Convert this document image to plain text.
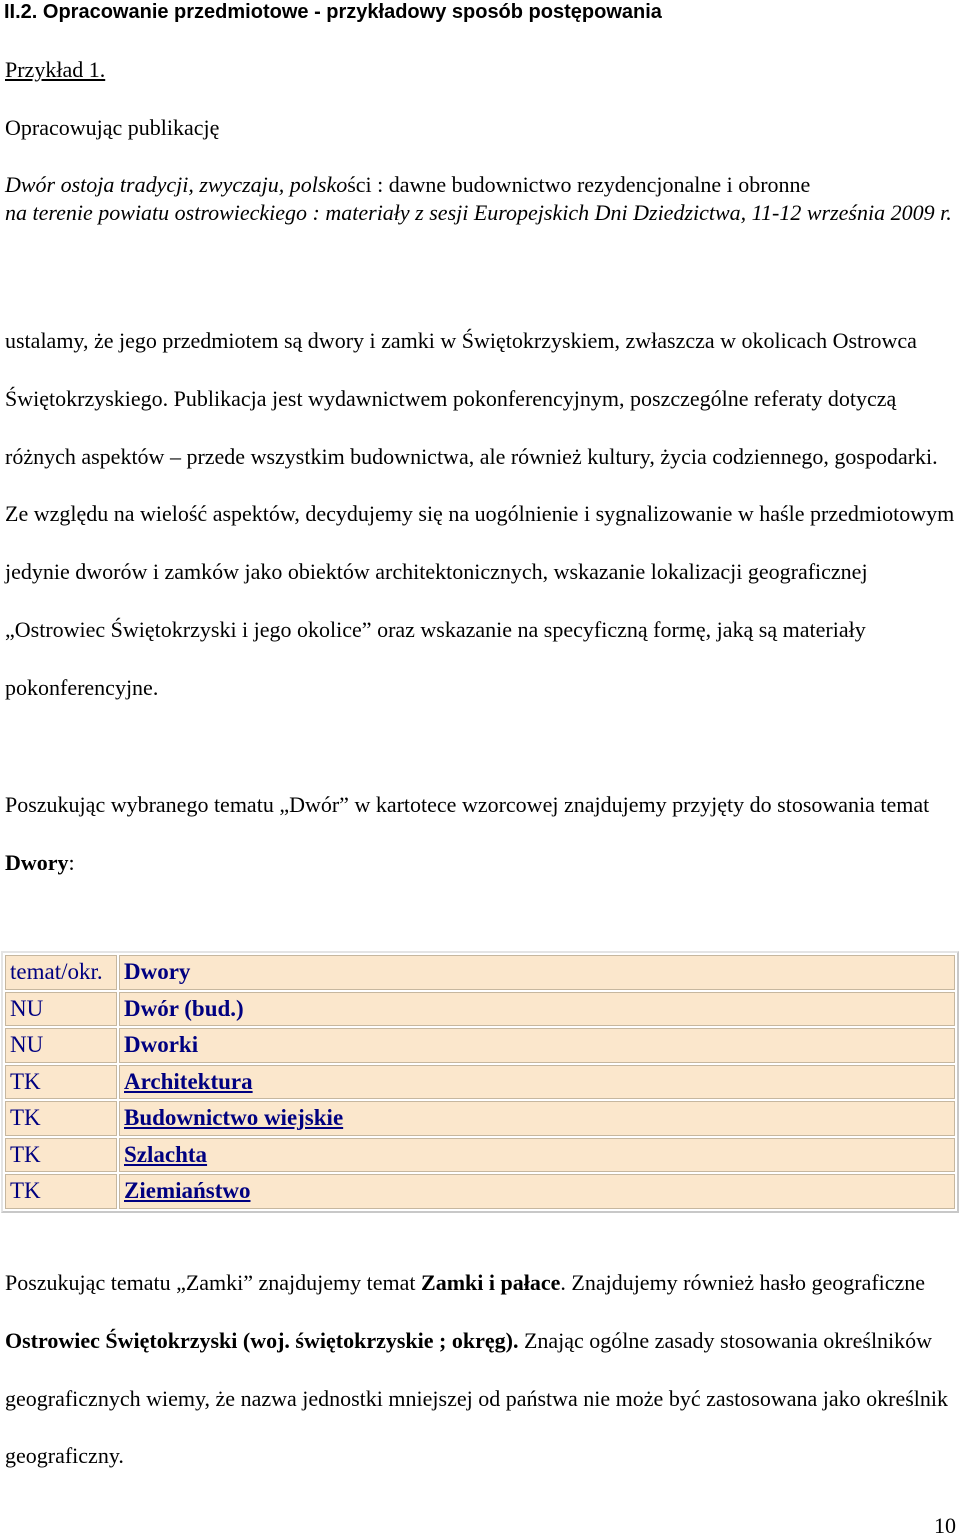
II.2. Opracowanie przedmiotowe - przykładowy sposób postępowania

Przykład 1.

Opracowując publikację

Dwór ostoja tradycji, zwyczaju, polskości : dawne budownictwo rezydencjonalne i obronne
na terenie powiatu ostrowieckiego : materiały z sesji Europejskich Dni Dziedzictwa, 11-12 września 2009 r.

ustalamy, że jego przedmiotem są dwory i zamki w Świętokrzyskiem, zwłaszcza w okolicach Ostrowca Świętokrzyskiego. Publikacja jest wydawnictwem pokonferencyjnym, poszczególne referaty dotyczą różnych aspektów – przede wszystkim budownictwa, ale również kultury, życia codziennego, gospodarki. Ze względu na wielość aspektów, decydujemy się na uogólnienie i sygnalizowanie w haśle przedmiotowym jedynie dworów i zamków jako obiektów architektonicznych, wskazanie lokalizacji geograficznej „Ostrowiec Świętokrzyski i jego okolice” oraz wskazanie na specyficzną formę, jaką są materiały pokonferencyjne.

Poszukując wybranego tematu „Dwór” w kartotece wzorcowej znajdujemy przyjęty do stosowania temat Dwory:

temat/okr.	Dwory
NU	Dwór (bud.)
NU	Dworki
TK	Architektura
TK	Budownictwo wiejskie
TK	Szlachta
TK	Ziemiaństwo

Poszukując tematu „Zamki” znajdujemy temat Zamki i pałace. Znajdujemy również hasło geograficzne Ostrowiec Świętokrzyski (woj. świętokrzyskie ; okręg). Znając ogólne zasady stosowania określników geograficznych wiemy, że nazwa jednostki mniejszej od państwa nie może być zastosowana jako określnik geograficzny.

10
